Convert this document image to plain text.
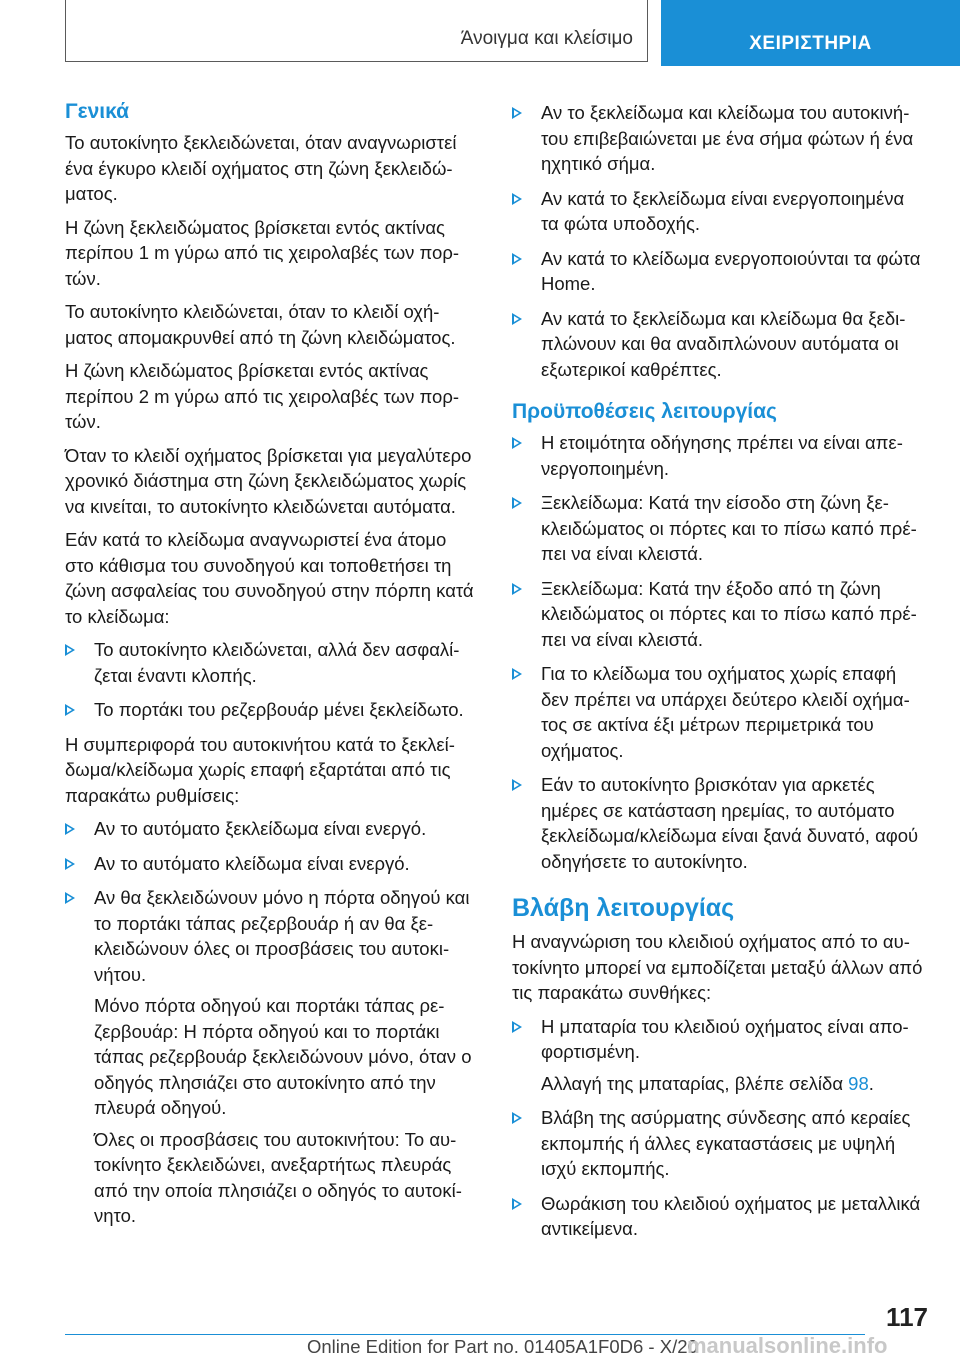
Άνοιγμα και κλείσιμο	ΧΕΙΡΙΣΤΗΡΙΑ
Γενικά

Το αυτοκίνητο ξεκλειδώνεται, όταν αναγνωριστεί ένα έγκυρο κλειδί οχήματος στη ζώνη ξεκλειδώματος.

Η ζώνη ξεκλειδώματος βρίσκεται εντός ακτίνας περίπου 1 m γύρω από τις χειρολαβές των πορτών.

Το αυτοκίνητο κλειδώνεται, όταν το κλειδί οχήματος απομακρυνθεί από τη ζώνη κλειδώματος.

Η ζώνη κλειδώματος βρίσκεται εντός ακτίνας περίπου 2 m γύρω από τις χειρολαβές των πορτών.

Όταν το κλειδί οχήματος βρίσκεται για μεγαλύτερο χρονικό διάστημα στη ζώνη ξεκλειδώματος χωρίς να κινείται, το αυτοκίνητο κλειδώνεται αυτόματα.

Εάν κατά το κλείδωμα αναγνωριστεί ένα άτομο στο κάθισμα του συνοδηγού και τοποθετήσει τη ζώνη ασφαλείας του συνοδηγού στην πόρπη κατά το κλείδωμα:

Το αυτοκίνητο κλειδώνεται, αλλά δεν ασφαλίζεται έναντι κλοπής.
Το πορτάκι του ρεζερβουάρ μένει ξεκλείδωτο.

Η συμπεριφορά του αυτοκινήτου κατά το ξεκλείδωμα/κλείδωμα χωρίς επαφή εξαρτάται από τις παρακάτω ρυθμίσεις:

Αν το αυτόματο ξεκλείδωμα είναι ενεργό.
Αν το αυτόματο κλείδωμα είναι ενεργό.
Αν θα ξεκλειδώνουν μόνο η πόρτα οδηγού και το πορτάκι τάπας ρεζερβουάρ ή αν θα ξεκλειδώνουν όλες οι προσβάσεις του αυτοκινήτου.

Μόνο πόρτα οδηγού και πορτάκι τάπας ρεζερβουάρ: Η πόρτα οδηγού και το πορτάκι τάπας ρεζερβουάρ ξεκλειδώνουν μόνο, όταν ο οδηγός πλησιάζει στο αυτοκίνητο από την πλευρά οδηγού.

Όλες οι προσβάσεις του αυτοκινήτου: Το αυτοκίνητο ξεκλειδώνει, ανεξαρτήτως πλευράς από την οποία πλησιάζει ο οδηγός το αυτοκίνητο.

Αν το ξεκλείδωμα και κλείδωμα του αυτοκινήτου επιβεβαιώνεται με ένα σήμα φώτων ή ένα ηχητικό σήμα.
Αν κατά το ξεκλείδωμα είναι ενεργοποιημένα τα φώτα υποδοχής.
Αν κατά το κλείδωμα ενεργοποιούνται τα φώτα Home.
Αν κατά το ξεκλείδωμα και κλείδωμα θα ξεδιπλώνουν και θα αναδιπλώνουν αυτόματα οι εξωτερικοί καθρέπτες.
Προϋποθέσεις λειτουργίας
Η ετοιμότητα οδήγησης πρέπει να είναι απενεργοποιημένη.
Ξεκλείδωμα: Κατά την είσοδο στη ζώνη ξεκλειδώματος οι πόρτες και το πίσω καπό πρέπει να είναι κλειστά.
Ξεκλείδωμα: Κατά την έξοδο από τη ζώνη κλειδώματος οι πόρτες και το πίσω καπό πρέπει να είναι κλειστά.
Για το κλείδωμα του οχήματος χωρίς επαφή δεν πρέπει να υπάρχει δεύτερο κλειδί οχήματος σε ακτίνα έξι μέτρων περιμετρικά του οχήματος.
Εάν το αυτοκίνητο βρισκόταν για αρκετές ημέρες σε κατάσταση ηρεμίας, το αυτόματο ξεκλείδωμα/κλείδωμα είναι ξανά δυνατό, αφού οδηγήσετε το αυτοκίνητο.
Βλάβη λειτουργίας

Η αναγνώριση του κλειδιού οχήματος από το αυτοκίνητο μπορεί να εμποδίζεται μεταξύ άλλων από τις παρακάτω συνθήκες:

Η μπαταρία του κλειδιού οχήματος είναι αποφορτισμένη.

Αλλαγή της μπαταρίας, βλέπε σελίδα 98.

Βλάβη της ασύρματης σύνδεσης από κεραίες εκπομπής ή άλλες εγκαταστάσεις με υψηλή ισχύ εκπομπής.
Θωράκιση του κλειδιού οχήματος με μεταλλικά αντικείμενα.
117
Online Edition for Part no. 01405A1F0D6 - X/20
manualsonline.info
